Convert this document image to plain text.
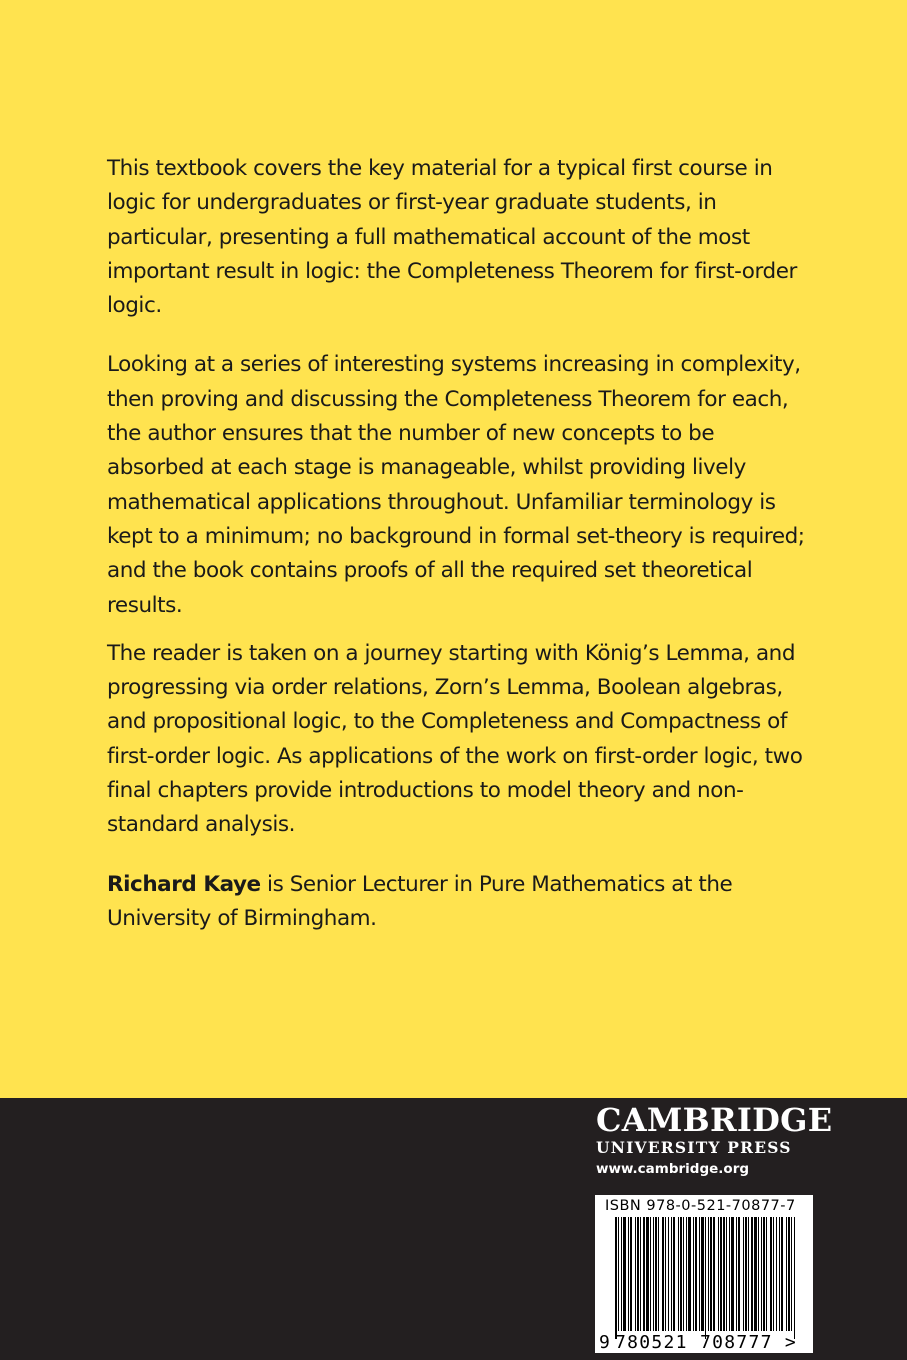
This textbook covers the key material for a typical first course in logic for undergraduates or first-year graduate students, in particular, presenting a full mathematical account of the most important result in logic: the Completeness Theorem for first-order logic.

Looking at a series of interesting systems increasing in complexity, then proving and discussing the Completeness Theorem for each, the author ensures that the number of new concepts to be absorbed at each stage is manageable, whilst providing lively mathematical applications throughout. Unfamiliar terminology is kept to a minimum; no background in formal set-theory is required; and the book contains proofs of all the required set theoretical results.

The reader is taken on a journey starting with König’s Lemma, and progressing via order relations, Zorn’s Lemma, Boolean algebras, and propositional logic, to the Completeness and Compactness of first-order logic. As applications of the work on first-order logic, two final chapters provide introductions to model theory and non-standard analysis.

Richard Kaye is Senior Lecturer in Pure Mathematics at the University of Birmingham.

CAMBRIDGE
UNIVERSITY PRESS
www.cambridge.org
ISBN 978-0-521-70877-7
9 780521 708777 >
